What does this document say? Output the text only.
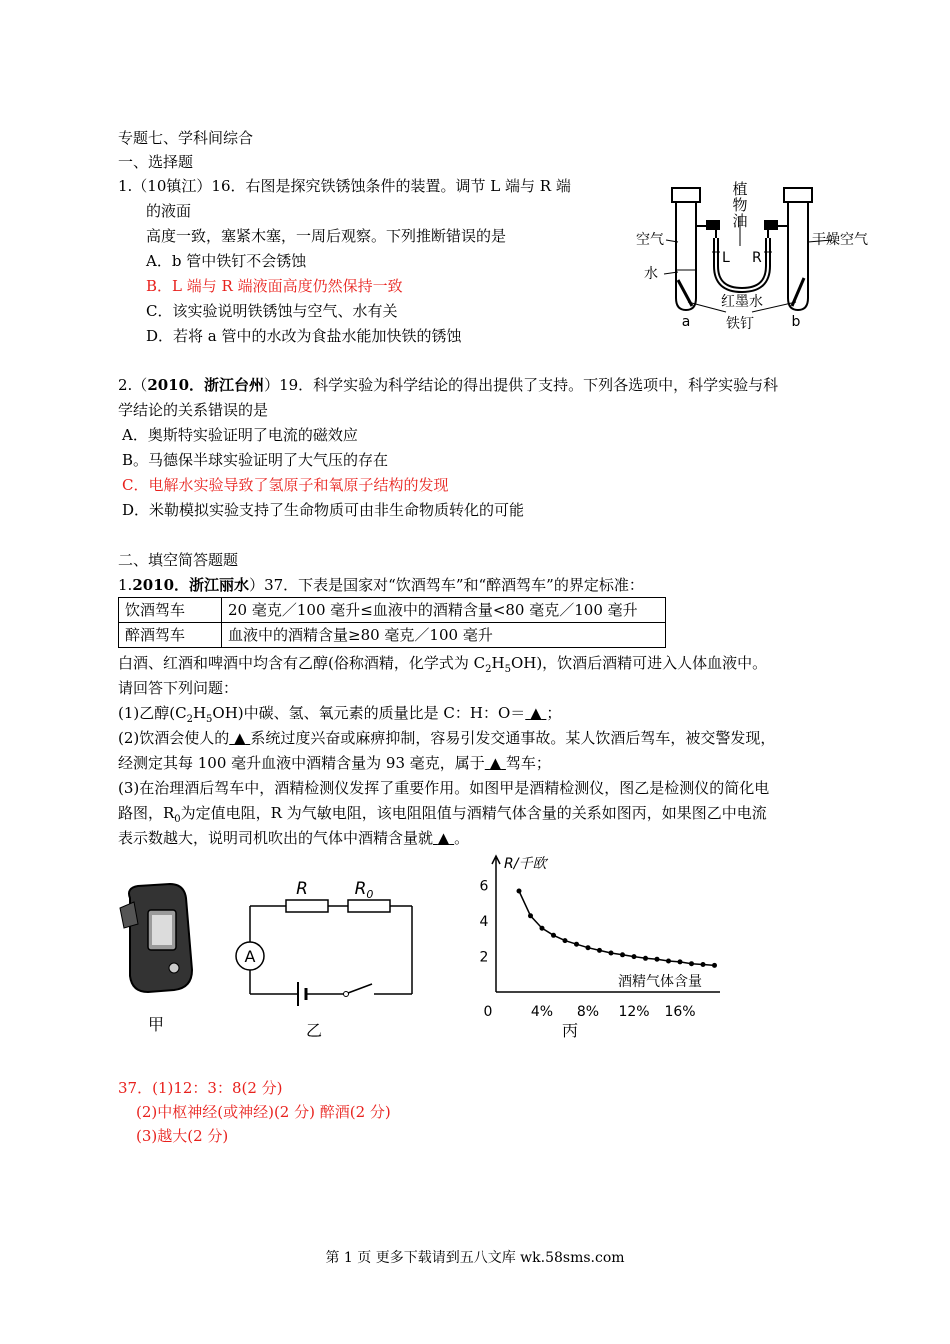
专题七、学科间综合
一、选择题
1.（10镇江）16．右图是探究铁锈蚀条件的装置。调节 L 端与 R 端
的液面
高度一致，塞紧木塞，一周后观察。下列推断错误的是
A．b 管中铁钉不会锈蚀
B．L 端与 R 端液面高度仍然保持一致
C．该实验说明铁锈蚀与空气、水有关
D．若将 a 管中的水改为食盐水能加快铁的锈蚀
植
物
油
L R
空气	干燥空气
水
红墨水
铁钉
a	b
2.（2010．浙江台州）19．科学实验为科学结论的得出提供了支持。下列各选项中，科学实验与科
学结论的关系错误的是
A．奥斯特实验证明了电流的磁效应
B。马德保半球实验证明了大气压的存在
C．电解水实验导致了氢原子和氧原子结构的发现
D．米勒模拟实验支持了生命物质可由非生命物质转化的可能
二、填空简答题题
1.2010．浙江丽水）37．下表是国家对“饮酒驾车”和“醉酒驾车”的界定标准：
饮酒驾车	20 毫克／100 毫升≤血液中的酒精含量<80 毫克／100 毫升
醉酒驾车	血液中的酒精含量≥80 毫克／100 毫升
白酒、红酒和啤酒中均含有乙醇(俗称酒精，化学式为 $C_2H_5OH$)，饮酒后酒精可进入人体血液中。
请回答下列问题：
(1)乙醇$(C_2H_5OH)$中碳、氢、氧元素的质量比是 C：H：O＝ ▲ ；
(2)饮酒会使人的 ▲ 系统过度兴奋或麻痹抑制，容易引发交通事故。某人饮酒后驾车，被交警发现，
经测定其每 100 毫升血液中酒精含量为 93 毫克，属于 ▲ 驾车；
(3)在治理酒后驾车中，酒精检测仪发挥了重要作用。如图甲是酒精检测仪，图乙是检测仪的简化电
路图，$R_0$为定值电阻，R 为气敏电阻，该电阻阻值与酒精气体含量的关系如图丙，如果图乙中电流
表示数越大，说明司机吹出的气体中酒精含量就 ▲ 。
甲
A
R	$R_0$
乙
R/千欧
酒精气体含量
0
丙
2
4
6
4% 8% 12% 16%
37．(1)12：3：8(2 分)
(2)中枢神经(或神经)(2 分) 醉酒(2 分)
(3)越大(2 分)
第 1 页 更多下载请到五八文库 wk.58sms.com
